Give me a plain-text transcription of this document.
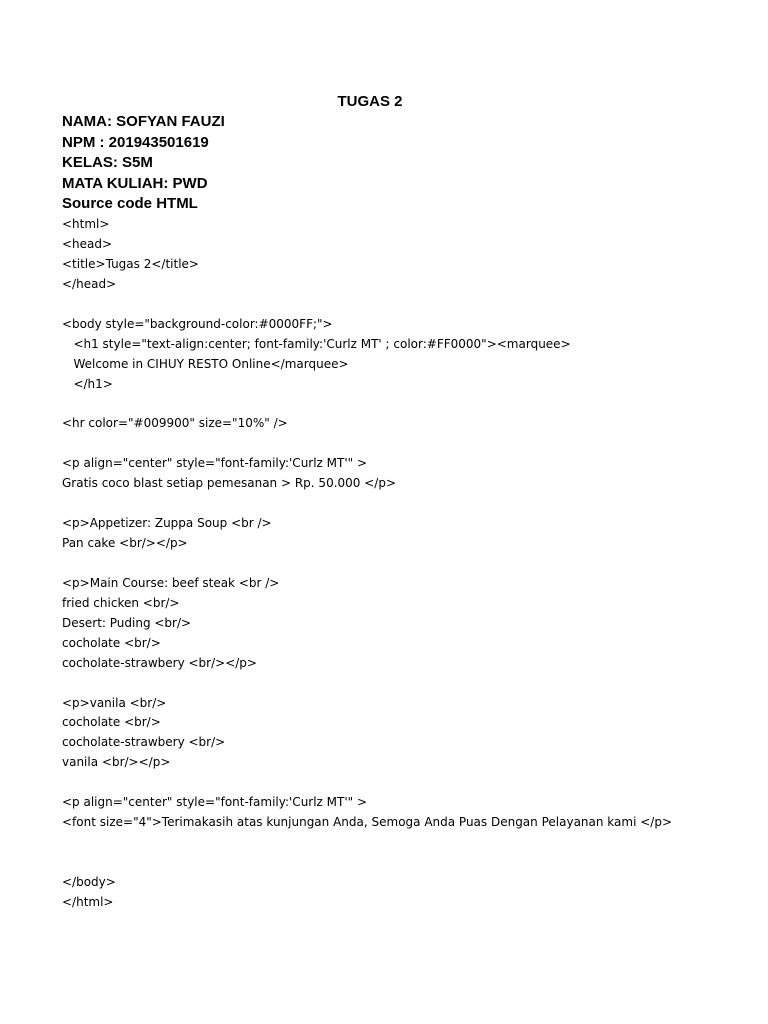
TUGAS 2
NAMA: SOFYAN FAUZI
NPM : 201943501619
KELAS: S5M
MATA KULIAH: PWD
Source code HTML
<html>
<head>
<title>Tugas 2</title>
</head>
<body style="background-color:#0000FF;">
<h1 style="text-align:center; font-family:'Curlz MT' ; color:#FF0000"><marquee>
Welcome in CIHUY RESTO Online</marquee>
</h1>
<hr color="#009900" size="10%" />
<p align="center" style="font-family:'Curlz MT'" >
Gratis coco blast setiap pemesanan > Rp. 50.000 </p>
<p>Appetizer: Zuppa Soup <br />
Pan cake <br/></p>
<p>Main Course: beef steak <br />
fried chicken <br/>
Desert: Puding <br/>
cocholate <br/>
cocholate-strawbery <br/></p>
<p>vanila <br/>
cocholate <br/>
cocholate-strawbery <br/>
vanila <br/></p>
<p align="center" style="font-family:'Curlz MT'" >
<font size="4">Terimakasih atas kunjungan Anda, Semoga Anda Puas Dengan Pelayanan kami </p>
</body>
</html>
